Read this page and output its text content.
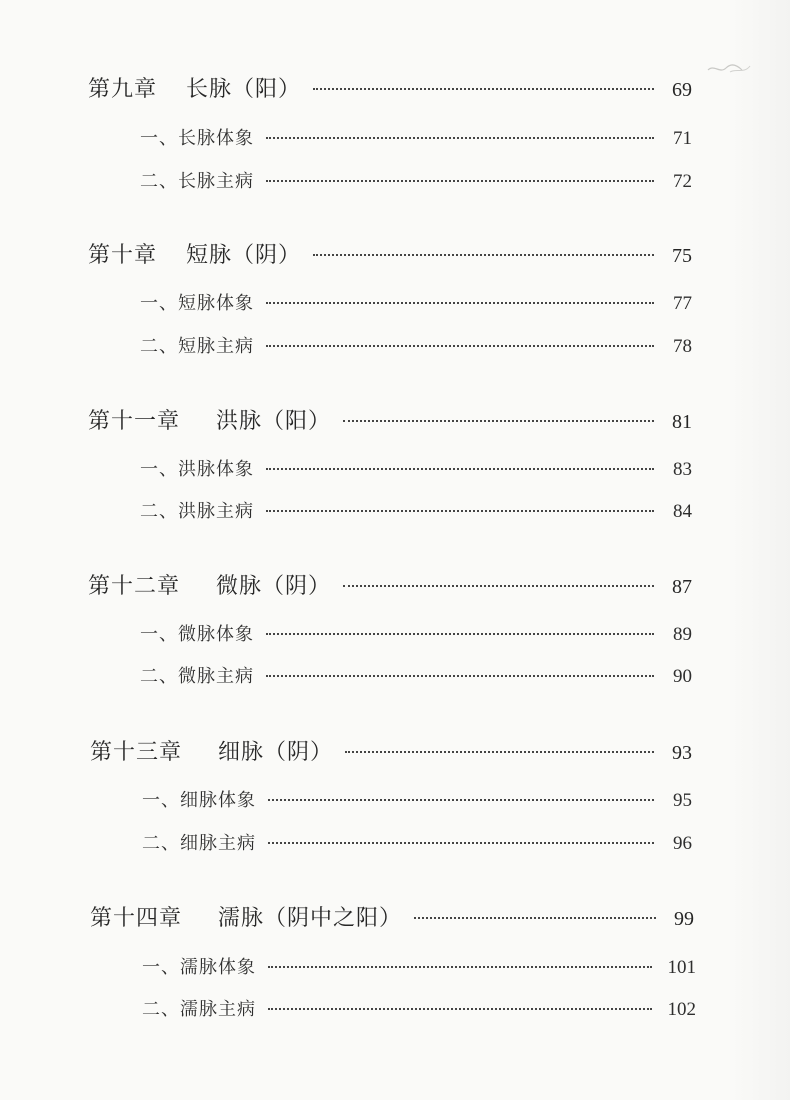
第九章	长脉（阳）	69
一、长脉体象	71
二、长脉主病	72
第十章	短脉（阴）	75
一、短脉体象	77
二、短脉主病	78
第十一章	洪脉（阳）	81
一、洪脉体象	83
二、洪脉主病	84
第十二章	微脉（阴）	87
一、微脉体象	89
二、微脉主病	90
第十三章	细脉（阴）	93
一、细脉体象	95
二、细脉主病	96
第十四章	濡脉（阴中之阳）	99
一、濡脉体象	101
二、濡脉主病	102
